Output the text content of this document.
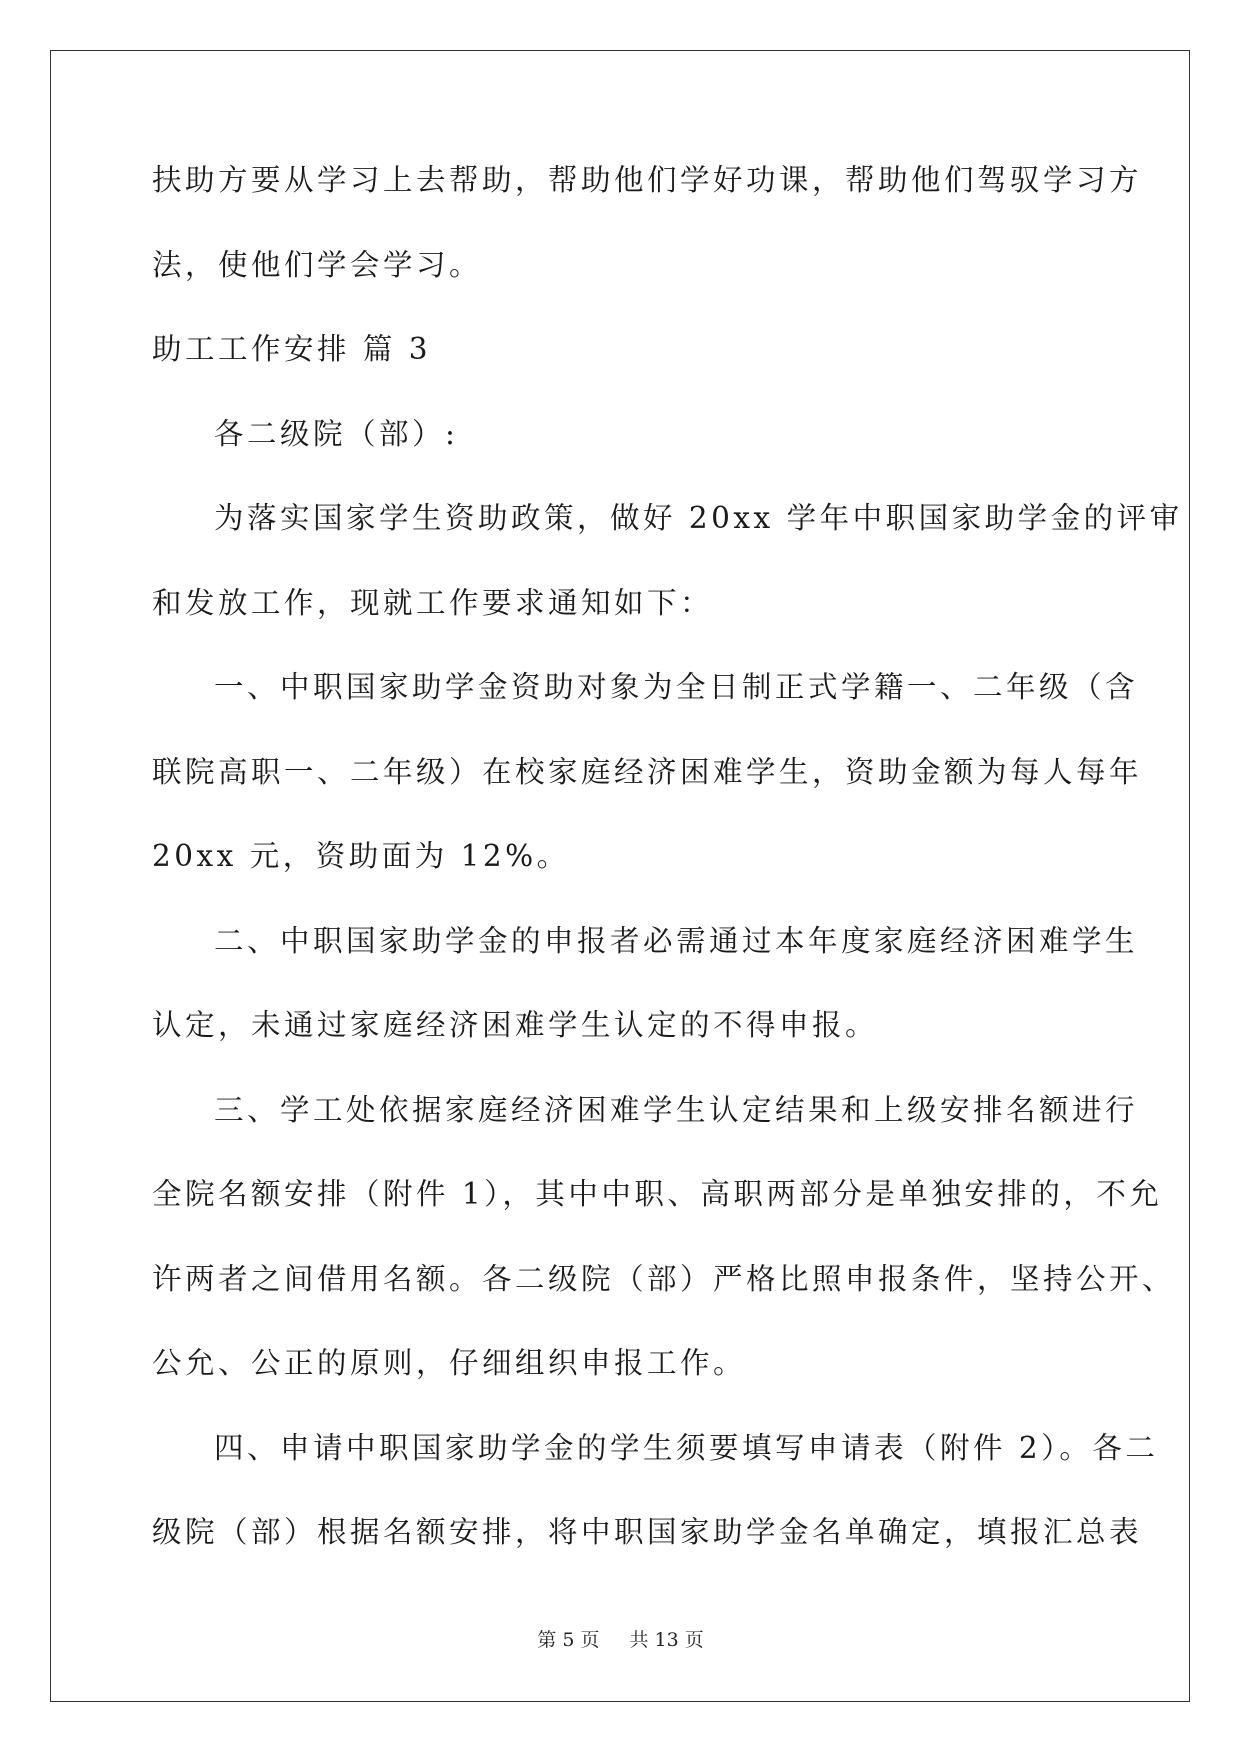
扶助方要从学习上去帮助，帮助他们学好功课，帮助他们驾驭学习方
法，使他们学会学习。
助工工作安排 篇 3
各二级院（部）:
为落实国家学生资助政策，做好 20xx 学年中职国家助学金的评审
和发放工作，现就工作要求通知如下：
一、中职国家助学金资助对象为全日制正式学籍一、二年级（含
联院高职一、二年级）在校家庭经济困难学生，资助金额为每人每年
20xx 元，资助面为 12%。
二、中职国家助学金的申报者必需通过本年度家庭经济困难学生
认定，未通过家庭经济困难学生认定的不得申报。
三、学工处依据家庭经济困难学生认定结果和上级安排名额进行
全院名额安排（附件 1），其中中职、高职两部分是单独安排的，不允
许两者之间借用名额。各二级院（部）严格比照申报条件，坚持公开、
公允、公正的原则，仔细组织申报工作。
四、申请中职国家助学金的学生须要填写申请表（附件 2）。各二
级院（部）根据名额安排，将中职国家助学金名单确定，填报汇总表
第 5 页 共 13 页
